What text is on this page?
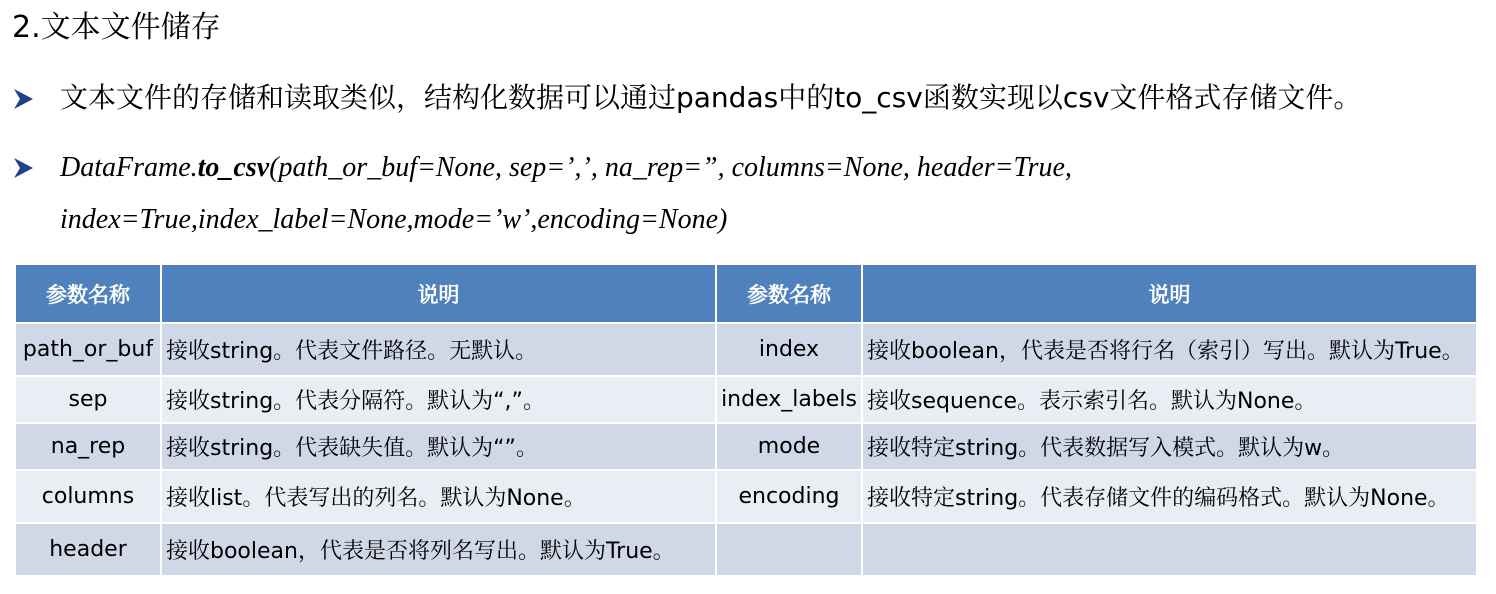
2.文本文件储存
文本文件的存储和读取类似，结构化数据可以通过pandas中的to_csv函数实现以csv文件格式存储文件。
DataFrame.to_csv(path_or_buf=None, sep=’,’, na_rep=”, columns=None, header=True,
index=True,index_label=None,mode=’w’,encoding=None)
参数名称	说明	参数名称	说明
path_or_buf	接收string。代表文件路径。无默认。	index	接收boolean，代表是否将行名（索引）写出。默认为True。
sep	接收string。代表分隔符。默认为“,”。	index_labels	接收sequence。表示索引名。默认为None。
na_rep	接收string。代表缺失值。默认为“”。	mode	接收特定string。代表数据写入模式。默认为w。
columns	接收list。代表写出的列名。默认为None。	encoding	接收特定string。代表存储文件的编码格式。默认为None。
header	接收boolean，代表是否将列名写出。默认为True。		
